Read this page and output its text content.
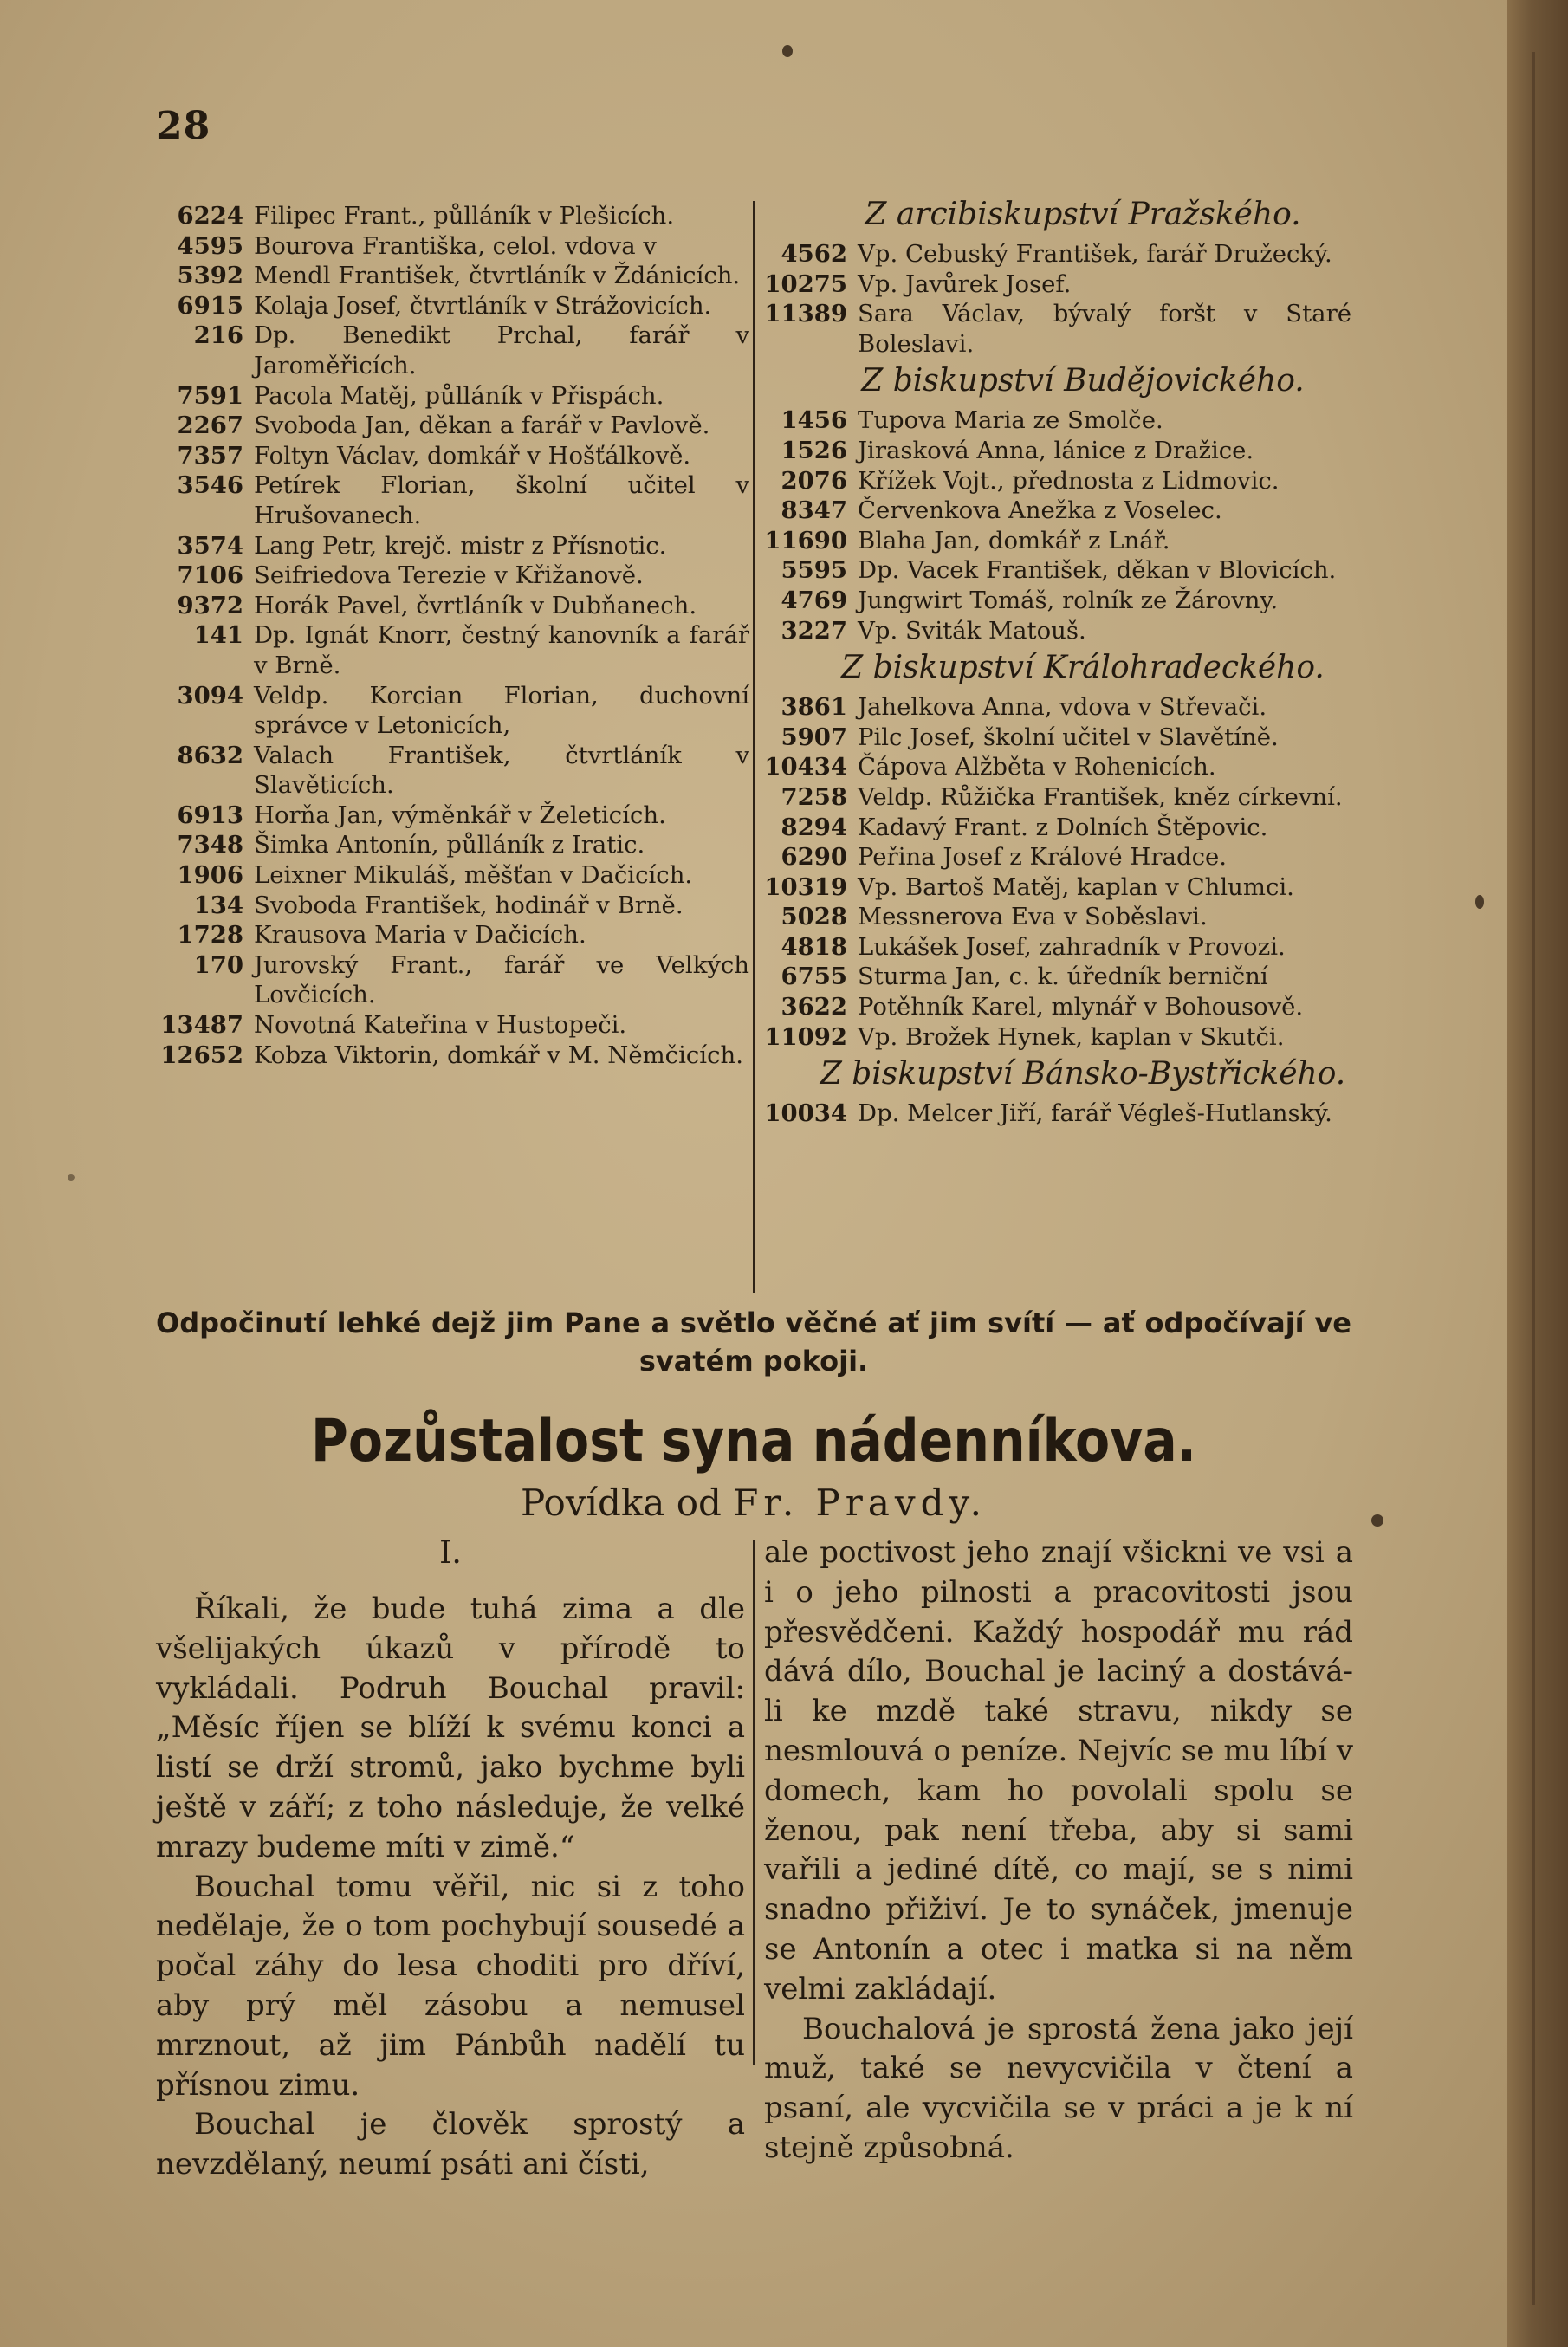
28
6224 Filipec Frant., půlláník v Plešicích.
4595 Bourova Františka, celol. vdova v
5392 Mendl František, čtvrtláník v Ždánicích.
6915 Kolaja Josef, čtvrtláník v Strážovicích.
216 Dp. Benedikt Prchal, farář v Jaroměřicích.
7591 Pacola Matěj, půlláník v Přispách.
2267 Svoboda Jan, děkan a farář v Pavlově.
7357 Foltyn Václav, domkář v Hošťálkově.
3546 Petírek Florian, školní učitel v Hrušovanech.
3574 Lang Petr, krejč. mistr z Přísnotic.
7106 Seifriedova Terezie v Křižanově.
9372 Horák Pavel, čvrtláník v Dubňanech.
141 Dp. Ignát Knorr, čestný kanovník a farář v Brně.
3094 Veldp. Korcian Florian, duchovní správce v Letonicích,
8632 Valach František, čtvrtláník v Slavěticích.
6913 Horňa Jan, výměnkář v Želeticích.
7348 Šimka Antonín, půlláník z Iratic.
1906 Leixner Mikuláš, měšťan v Dačicích.
134 Svoboda František, hodinář v Brně.
1728 Krausova Maria v Dačicích.
170 Jurovský Frant., farář ve Velkých Lovčicích.
13487 Novotná Kateřina v Hustopeči.
12652 Kobza Viktorin, domkář v M. Němčicích.
Z arcibiskupství Pražského.
4562 Vp. Cebuský František, farář Družecký.
10275 Vp. Javůrek Josef.
11389 Sara Václav, bývalý foršt v Staré Boleslavi.
Z biskupství Budějovického.
1456 Tupova Maria ze Smolče.
1526 Jirasková Anna, lánice z Dražice.
2076 Křížek Vojt., přednosta z Lidmovic.
8347 Červenkova Anežka z Voselec.
11690 Blaha Jan, domkář z Lnář.
5595 Dp. Vacek František, děkan v Blovicích.
4769 Jungwirt Tomáš, rolník ze Žárovny.
3227 Vp. Sviták Matouš.
Z biskupství Králohradeckého.
3861 Jahelkova Anna, vdova v Střevači.
5907 Pilc Josef, školní učitel v Slavětíně.
10434 Čápova Alžběta v Rohenicích.
7258 Veldp. Růžička František, kněz církevní.
8294 Kadavý Frant. z Dolních Štěpovic.
6290 Peřina Josef z Králové Hradce.
10319 Vp. Bartoš Matěj, kaplan v Chlumci.
5028 Messnerova Eva v Soběslavi.
4818 Lukášek Josef, zahradník v Provozi.
6755 Sturma Jan, c. k. úředník berniční
3622 Potěhník Karel, mlynář v Bohousově.
11092 Vp. Brožek Hynek, kaplan v Skutči.
Z biskupství Bánsko-Bystřického.
10034 Dp. Melcer Jiří, farář Végleš-Hutlanský.
Odpočinutí lehké dejž jim Pane a světlo věčné ať jim svítí — ať odpočívají ve svatém pokoji.
Pozůstalost syna nádenníkova.
Povídka od Fr. Pravdy.
I.

Říkali, že bude tuhá zima a dle všelijakých úkazů v přírodě to vykládali. Podruh Bouchal pravil: „Měsíc říjen se blíží k svému konci a listí se drží stromů, jako bychme byli ještě v září; z toho následuje, že velké mrazy budeme míti v zimě.“

Bouchal tomu věřil, nic si z toho nedělaje, že o tom pochybují sousedé a počal záhy do lesa choditi pro dříví, aby prý měl zásobu a nemusel mrznout, až jim Pánbůh nadělí tu přísnou zimu.

Bouchal je člověk sprostý a nevzdělaný, neumí psáti ani čísti,

ale poctivost jeho znají všickni ve vsi a i o jeho pilnosti a pracovitosti jsou přesvědčeni. Každý hospodář mu rád dává dílo, Bouchal je laciný a dostává-li ke mzdě také stravu, nikdy se nesmlouvá o peníze. Nejvíc se mu líbí v domech, kam ho povolali spolu se ženou, pak není třeba, aby si sami vařili a jediné dítě, co mají, se s nimi snadno přiživí. Je to synáček, jmenuje se Antonín a otec i matka si na něm velmi zakládají.

Bouchalová je sprostá žena jako její muž, také se nevycvičila v čtení a psaní, ale vycvičila se v práci a je k ní stejně způsobná.
